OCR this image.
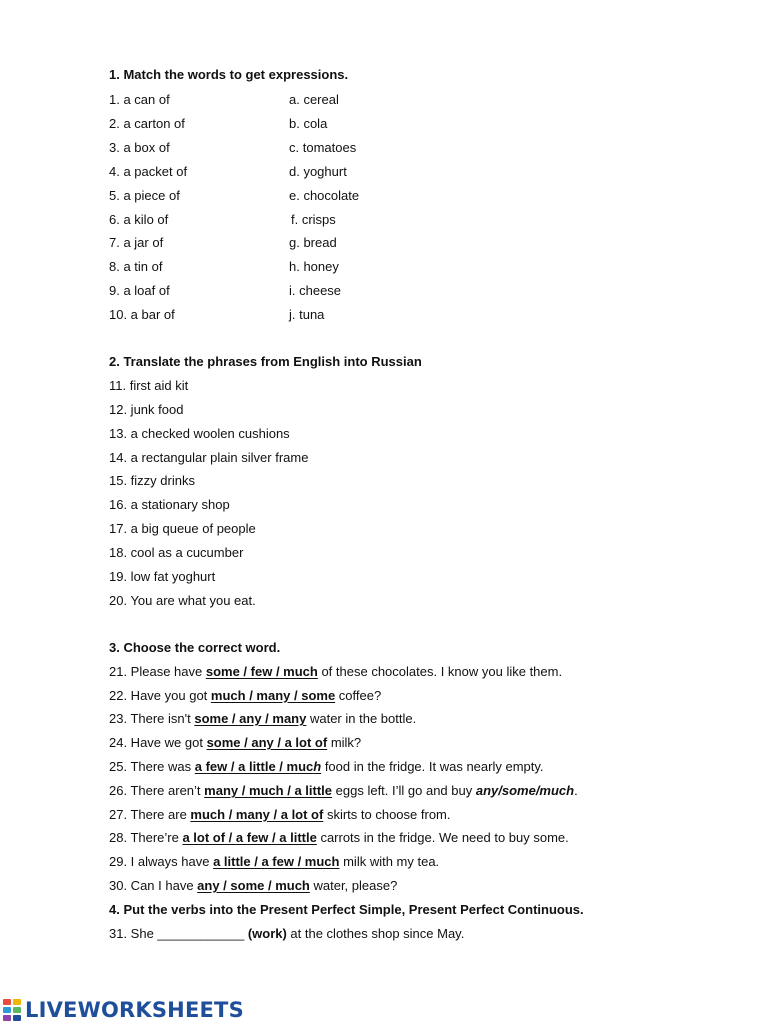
1. Match the words to get expressions.
1. a can of	a. cereal
2. a carton of	b. cola
3. a box of	c. tomatoes
4. a packet of	d. yoghurt
5. a piece of	e. chocolate
6. a kilo of	f. crisps
7. a jar of	g. bread
8. a tin of	h. honey
9. a loaf of	i. cheese
10. a bar of	j. tuna
2. Translate the phrases from English into Russian
11. first aid kit
12. junk food
13. a checked woolen cushions
14. a rectangular plain silver frame
15. fizzy drinks
16. a stationary shop
17. a big queue of people
18. cool as a cucumber
19. low fat yoghurt
20. You are what you eat.
3. Choose the correct word.
21. Please have some / few / much of these chocolates. I know you like them.
22. Have you got much / many / some coffee?
23. There isn't some / any / many water in the bottle.
24. Have we got some / any / a lot of milk?
25. There was a few / a little / much food in the fridge. It was nearly empty.
26. There aren’t many / much / a little eggs left. I’ll go and buy any/some/much.
27. There are much / many / a lot of skirts to choose from.
28. There’re a lot of / a few / a little carrots in the fridge. We need to buy some.
29. I always have a little / a few / much milk with my tea.
30. Can I have any / some / much water, please?
4. Put the verbs into the Present Perfect Simple, Present Perfect Continuous.
31. She ____________ (work) at the clothes shop since May.
LIVEWORKSHEETS
